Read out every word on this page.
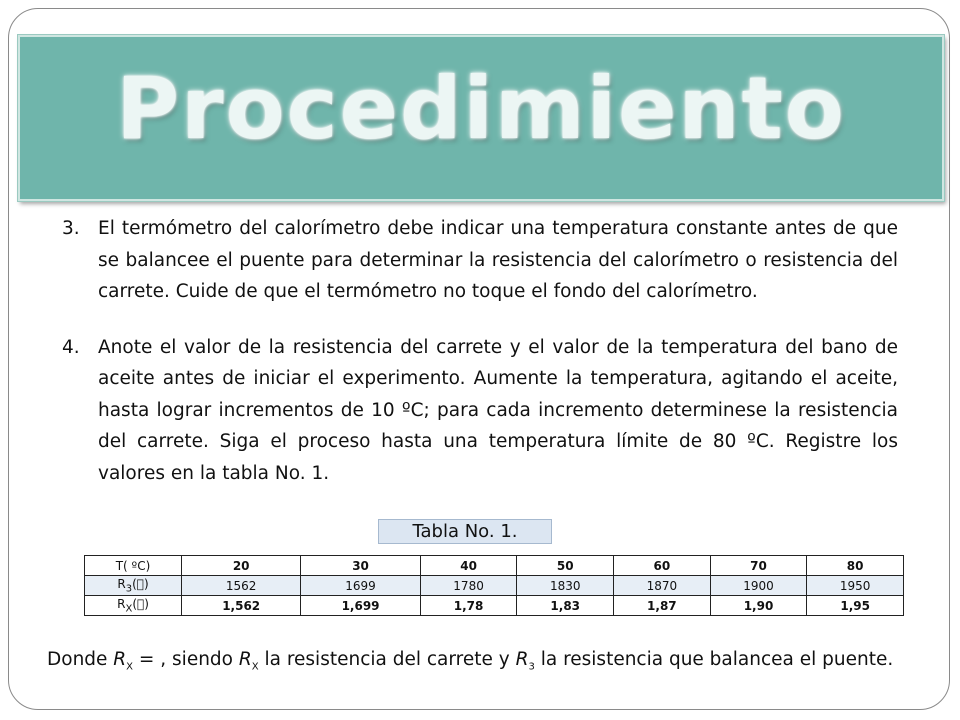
Procedimiento
3. El termómetro del calorímetro debe indicar una temperatura constante antes de que se balancee el puente para determinar la resistencia del calorímetro o resistencia del carrete. Cuide de que el termómetro no toque el fondo del calorímetro.
4. Anote el valor de la resistencia del carrete y el valor de la temperatura del bano de aceite antes de iniciar el experimento. Aumente la temperatura, agitando el aceite, hasta lograr incrementos de 10 ºC; para cada incremento determinese la resistencia del carrete. Siga el proceso hasta una temperatura límite de 80 ºC. Registre los valores en la tabla No. 1.
Tabla No. 1.
T( ºC)	20	30	40	50	60	70	80
$R_3$ ( )	1562	1699	1780	1830	1870	1900	1950
$R_X$ ( )	1,562	1,699	1,78	1,83	1,87	1,90	1,95
Donde $R_X$ = , siendo $R_X$ la resistencia del carrete y $R_3$ la resistencia que balancea el puente.
